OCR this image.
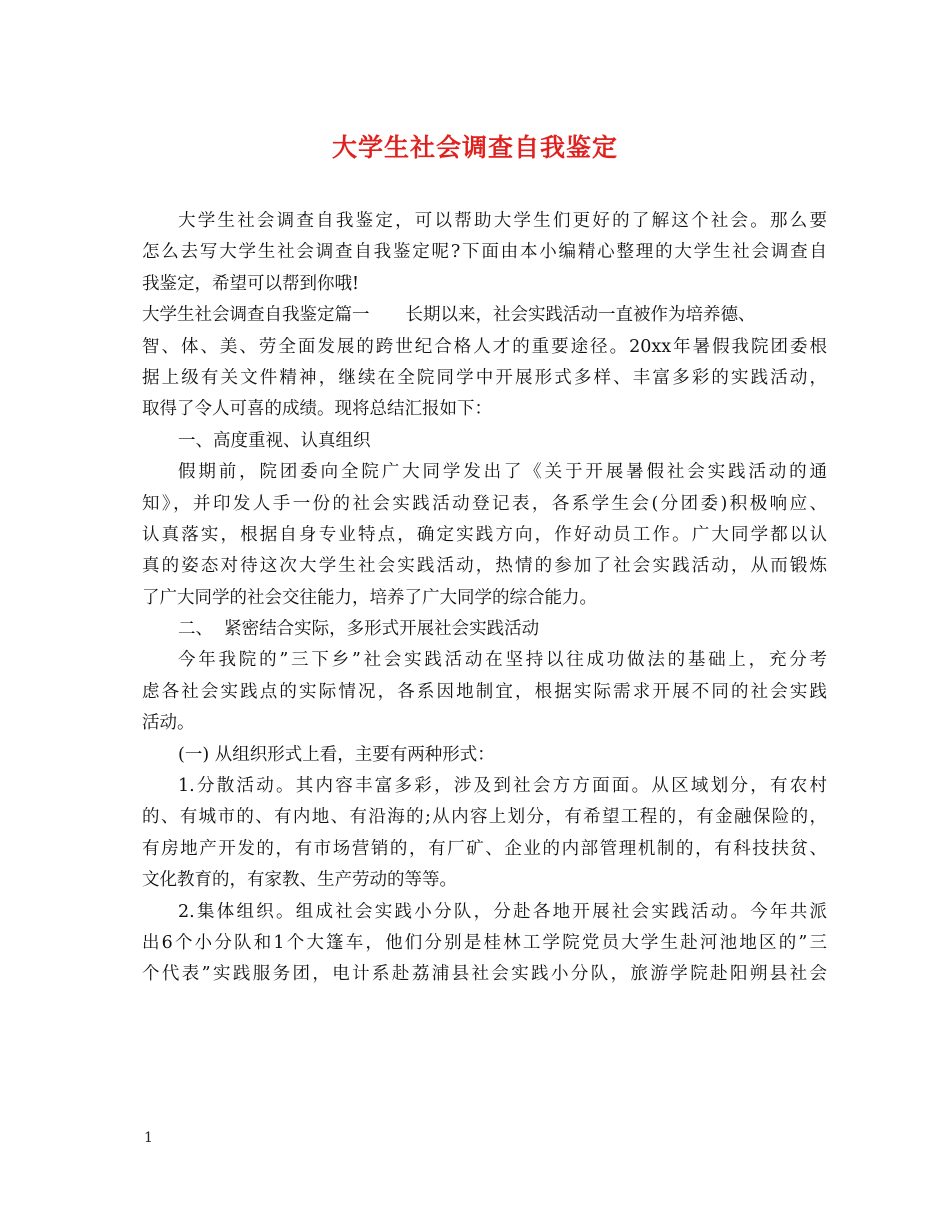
大学生社会调查自我鉴定
大学生社会调查自我鉴定，可以帮助大学生们更好的了解这个社会。那么要
怎么去写大学生社会调查自我鉴定呢?下面由本小编精心整理的大学生社会调查自
我鉴定，希望可以帮到你哦!
大学生社会调查自我鉴定篇一 长期以来，社会实践活动一直被作为培养德、
智、体、美、劳全面发展的跨世纪合格人才的重要途径。20xx年暑假我院团委根
据上级有关文件精神，继续在全院同学中开展形式多样、丰富多彩的实践活动，
取得了令人可喜的成绩。现将总结汇报如下：
一、高度重视、认真组织
假期前，院团委向全院广大同学发出了《关于开展暑假社会实践活动的通
知》，并印发人手一份的社会实践活动登记表，各系学生会(分团委)积极响应、
认真落实，根据自身专业特点，确定实践方向，作好动员工作。广大同学都以认
真的姿态对待这次大学生社会实践活动，热情的参加了社会实践活动，从而锻炼
了广大同学的社会交往能力，培养了广大同学的综合能力。
二、  紧密结合实际，多形式开展社会实践活动
今年我院的”三下乡”社会实践活动在坚持以往成功做法的基础上，充分考
虑各社会实践点的实际情况，各系因地制宜，根据实际需求开展不同的社会实践
活动。
(一) 从组织形式上看，主要有两种形式：
1.分散活动。其内容丰富多彩，涉及到社会方方面面。从区域划分，有农村
的、有城市的、有内地、有沿海的;从内容上划分，有希望工程的，有金融保险的，
有房地产开发的，有市场营销的，有厂矿、企业的内部管理机制的，有科技扶贫、
文化教育的，有家教、生产劳动的等等。
2.集体组织。组成社会实践小分队，分赴各地开展社会实践活动。今年共派
出6个小分队和1个大篷车，他们分别是桂林工学院党员大学生赴河池地区的”三
个代表”实践服务团，电计系赴荔浦县社会实践小分队，旅游学院赴阳朔县社会
1
